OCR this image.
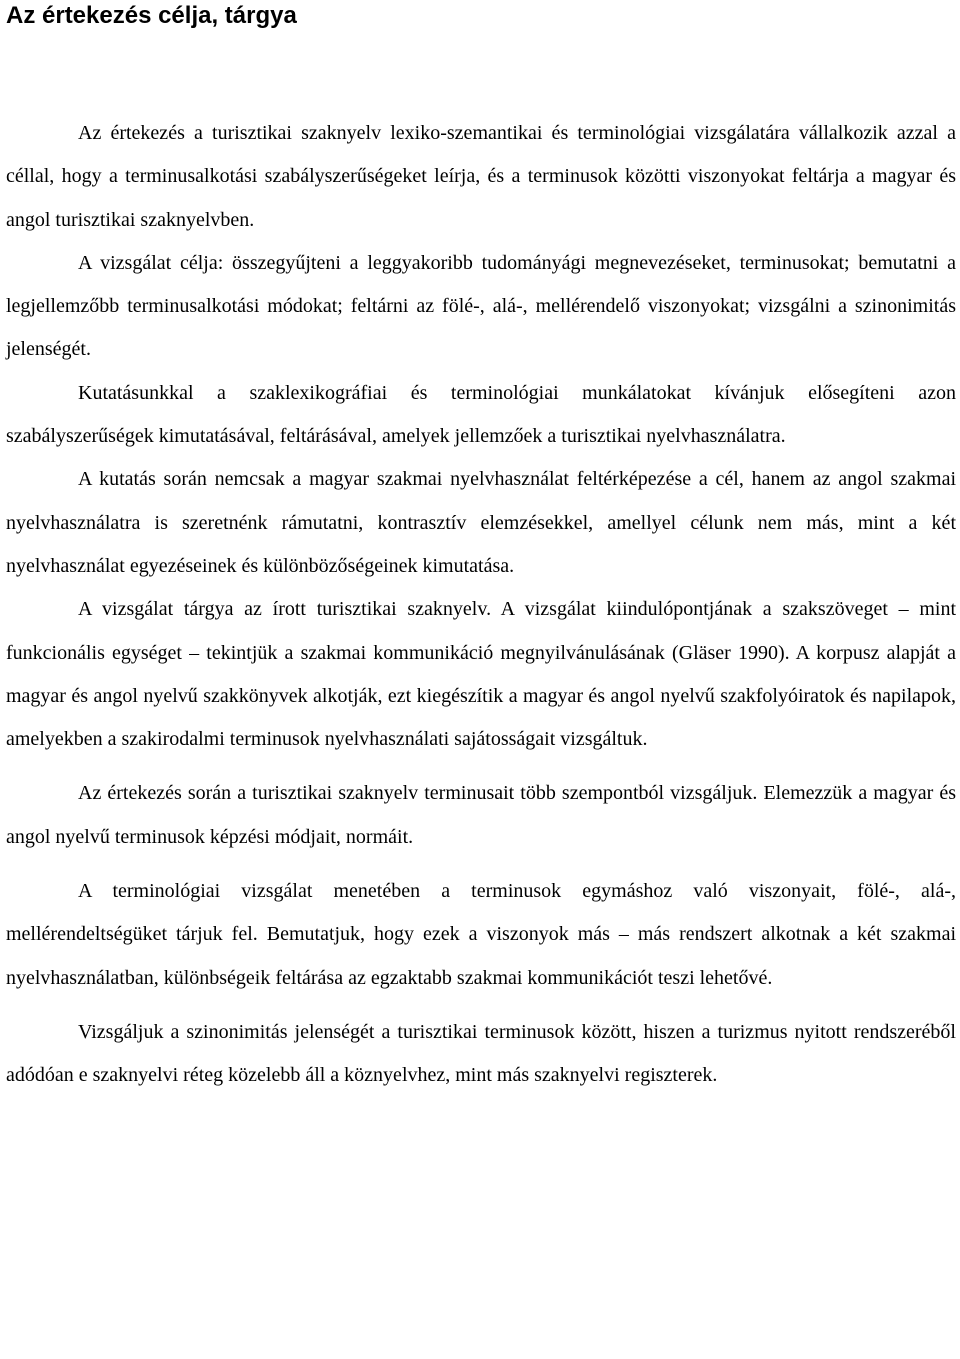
Az értekezés célja, tárgya

Az értekezés a turisztikai szaknyelv lexiko-szemantikai és terminológiai vizsgálatára vállalkozik azzal a céllal, hogy a terminusalkotási szabályszerűségeket leírja, és a terminusok közötti viszonyokat feltárja a magyar és angol turisztikai szaknyelvben.

A vizsgálat célja: összegyűjteni a leggyakoribb tudományági megnevezéseket, terminusokat; bemutatni a legjellemzőbb terminusalkotási módokat; feltárni az fölé-, alá-, mellérendelő viszonyokat; vizsgálni a szinonimitás jelenségét.

Kutatásunkkal a szaklexikográfiai és terminológiai munkálatokat kívánjuk elősegíteni azon szabályszerűségek kimutatásával, feltárásával, amelyek jellemzőek a turisztikai nyelvhasználatra.

A kutatás során nemcsak a magyar szakmai nyelvhasználat feltérképezése a cél, hanem az angol szakmai nyelvhasználatra is szeretnénk rámutatni, kontrasztív elemzésekkel, amellyel célunk nem más, mint a két nyelvhasználat egyezéseinek és különbözőségeinek kimutatása.

A vizsgálat tárgya az írott turisztikai szaknyelv. A vizsgálat kiindulópontjának a szakszöveget – mint funkcionális egységet – tekintjük a szakmai kommunikáció megnyilvánulásának (Gläser 1990). A korpusz alapját a magyar és angol nyelvű szakkönyvek alkotják, ezt kiegészítik a magyar és angol nyelvű szakfolyóiratok és napilapok, amelyekben a szakirodalmi terminusok nyelvhasználati sajátosságait vizsgáltuk.

Az értekezés során a turisztikai szaknyelv terminusait több szempontból vizsgáljuk. Elemezzük a magyar és angol nyelvű terminusok képzési módjait, normáit.

A terminológiai vizsgálat menetében a terminusok egymáshoz való viszonyait, fölé-, alá-, mellérendeltségüket tárjuk fel. Bemutatjuk, hogy ezek a viszonyok más – más rendszert alkotnak a két szakmai nyelvhasználatban, különbségeik feltárása az egzaktabb szakmai kommunikációt teszi lehetővé.

Vizsgáljuk a szinonimitás jelenségét a turisztikai terminusok között, hiszen a turizmus nyitott rendszeréből adódóan e szaknyelvi réteg közelebb áll a köznyelvhez, mint más szaknyelvi regiszterek.
